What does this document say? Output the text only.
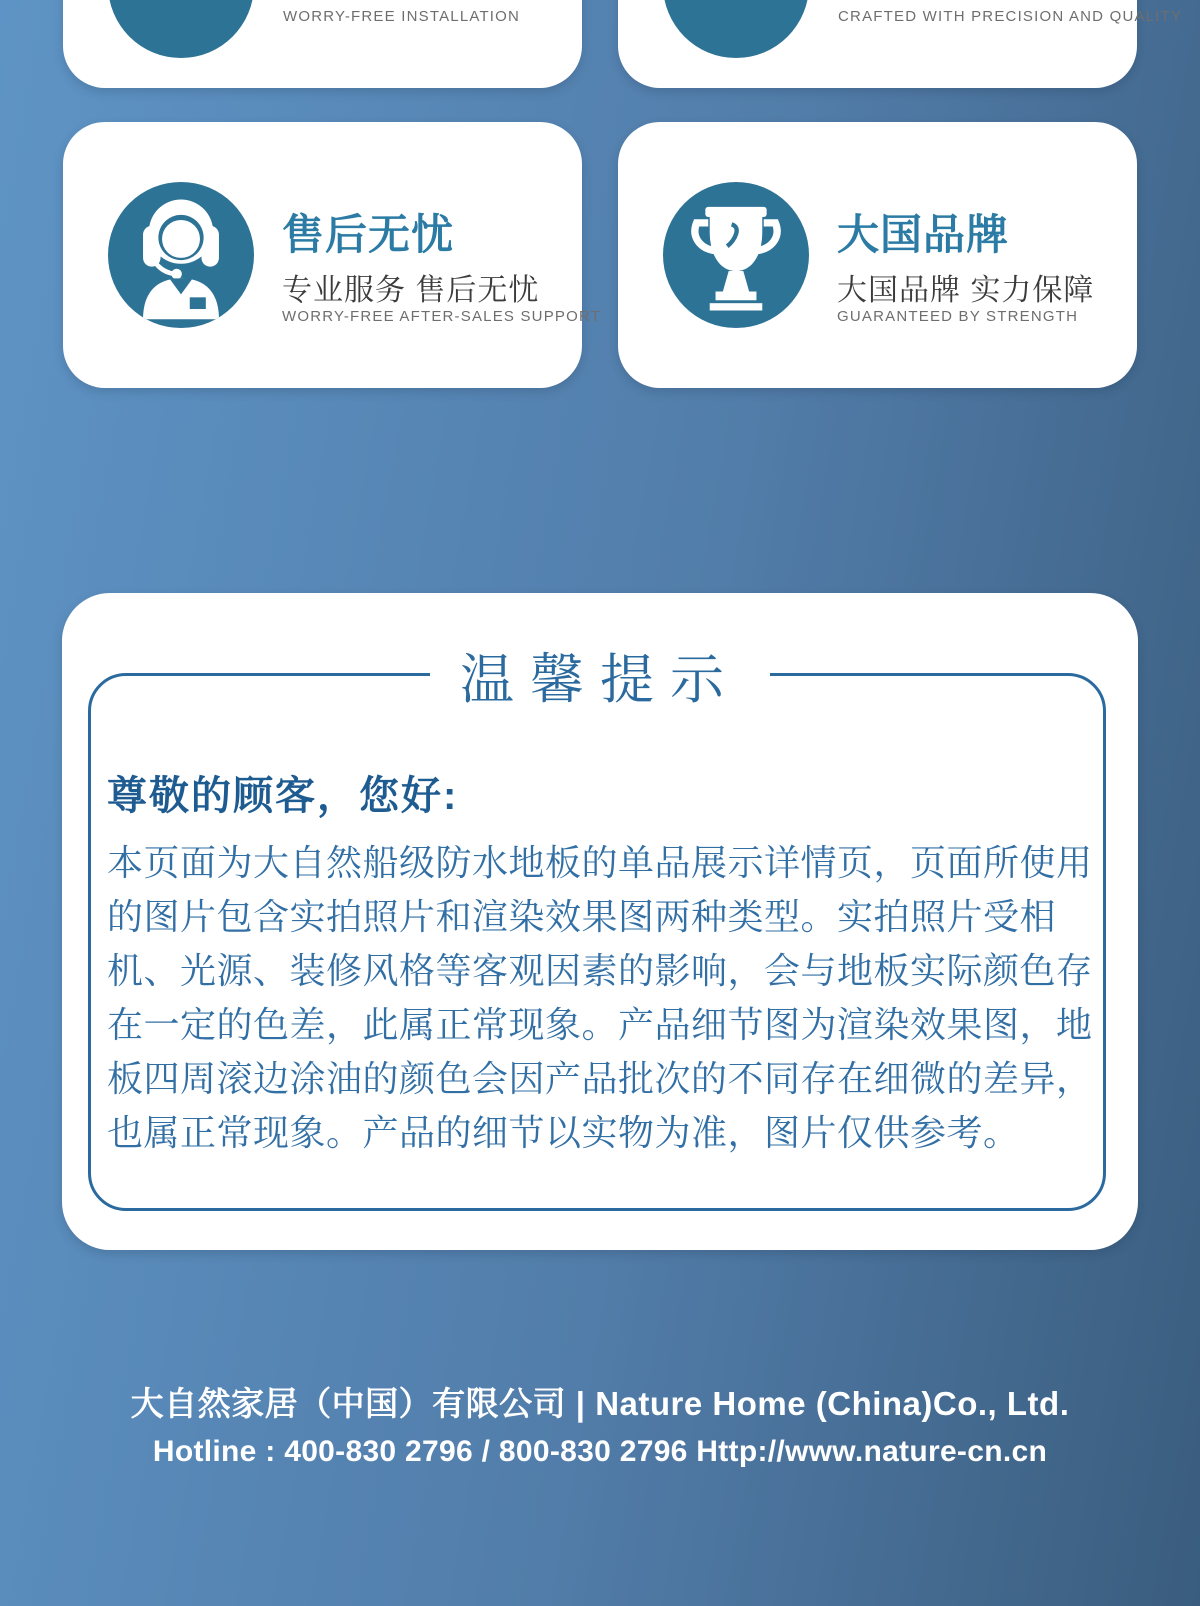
WORRY-FREE INSTALLATION	CRAFTED WITH PRECISION AND QUALITY
售后无忧
专业服务 售后无忧
WORRY-FREE AFTER-SALES SUPPORT
大国品牌
大国品牌 实力保障
GUARANTEED BY STRENGTH
尊敬的顾客，您好:
本页面为大自然船级防水地板的单品展示详情页，页面所使用的图片包含实拍照片和渲染效果图两种类型。实拍照片受相机、光源、装修风格等客观因素的影响，会与地板实际颜色存在一定的色差，此属正常现象。产品细节图为渲染效果图，地板四周滚边涂油的颜色会因产品批次的不同存在细微的差异，也属正常现象。产品的细节以实物为准，图片仅供参考。
温馨提示
大自然家居（中国）有限公司 | Nature Home (China)Co., Ltd.
Hotline : 400-830 2796 / 800-830 2796 Http://www.nature-cn.cn
